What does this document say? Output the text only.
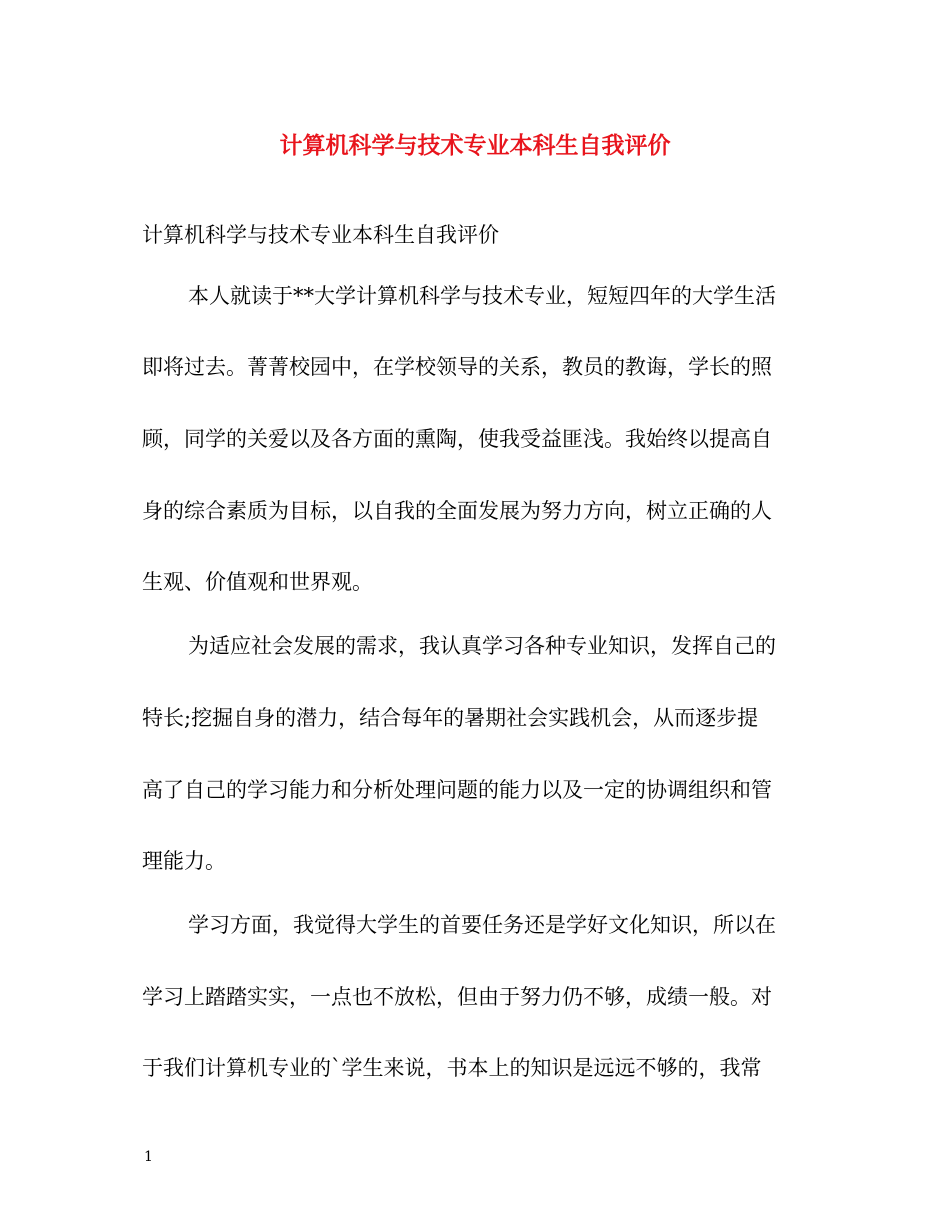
计算机科学与技术专业本科生自我评价
计算机科学与技术专业本科生自我评价
本人就读于**大学计算机科学与技术专业，短短四年的大学生活
即将过去。菁菁校园中，在学校领导的关系，教员的教诲，学长的照
顾，同学的关爱以及各方面的熏陶，使我受益匪浅。我始终以提高自
身的综合素质为目标，以自我的全面发展为努力方向，树立正确的人
生观、价值观和世界观。
为适应社会发展的需求，我认真学习各种专业知识，发挥自己的
特长;挖掘自身的潜力，结合每年的暑期社会实践机会，从而逐步提
高了自己的学习能力和分析处理问题的能力以及一定的协调组织和管
理能力。
学习方面，我觉得大学生的首要任务还是学好文化知识，所以在
学习上踏踏实实，一点也不放松，但由于努力仍不够，成绩一般。对
于我们计算机专业的`学生来说，书本上的知识是远远不够的，我常
1
